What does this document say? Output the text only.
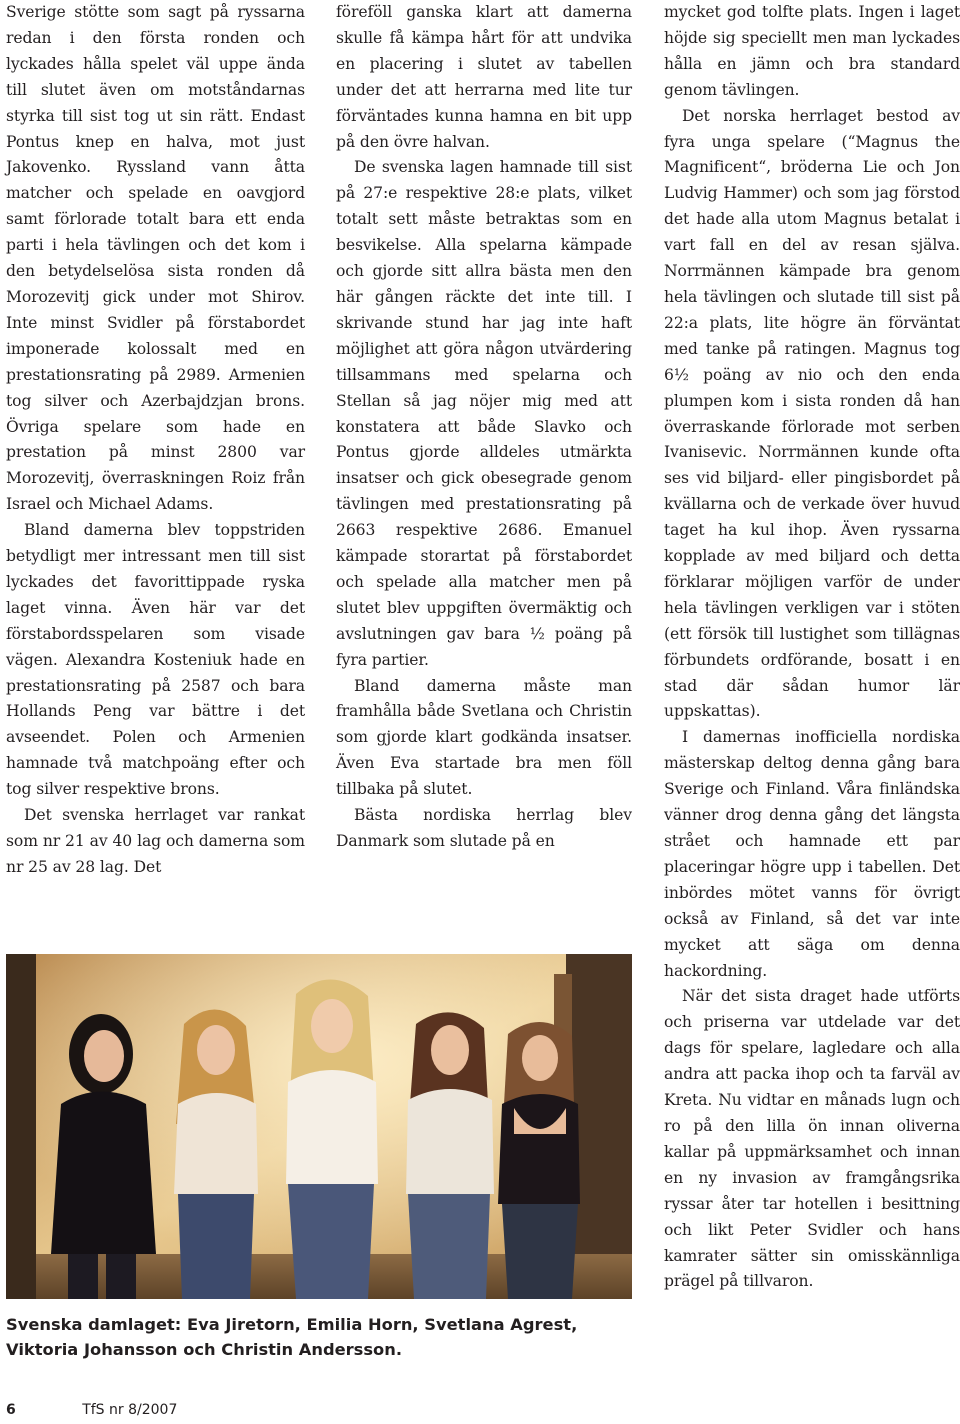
Sverige stötte som sagt på ryssarna redan i den första ronden och lyckades hålla spelet väl uppe ända till slutet även om motståndarnas styrka till sist tog ut sin rätt. Endast Pontus knep en halva, mot just Jakovenko. Ryssland vann åtta matcher och spelade en oavgjord samt förlorade totalt bara ett enda parti i hela tävlingen och det kom i den betydelselösa sista ronden då Morozevitj gick under mot Shirov. Inte minst Svidler på förstabordet imponerade kolossalt med en prestationsrating på 2989. Armenien tog silver och Azerbajdzjan brons. Övriga spelare som hade en prestation på minst 2800 var Morozevitj, överraskningen Roiz från Israel och Michael Adams.

Bland damerna blev toppstriden betydligt mer intressant men till sist lyckades det favorittippade ryska laget vinna. Även här var det förstabordsspelaren som visade vägen. Alexandra Kosteniuk hade en prestationsrating på 2587 och bara Hollands Peng var bättre i det avseendet. Polen och Armenien hamnade två matchpoäng efter och tog silver respektive brons.

Det svenska herrlaget var rankat som nr 21 av 40 lag och damerna som nr 25 av 28 lag. Det

föreföll ganska klart att damerna skulle få kämpa hårt för att undvika en placering i slutet av tabellen under det att herrarna med lite tur förväntades kunna hamna en bit upp på den övre halvan.

De svenska lagen hamnade till sist på 27:e respektive 28:e plats, vilket totalt sett måste betraktas som en besvikelse. Alla spelarna kämpade och gjorde sitt allra bästa men den här gången räckte det inte till. I skrivande stund har jag inte haft möjlighet att göra någon utvärdering tillsammans med spelarna och Stellan så jag nöjer mig med att konstatera att både Slavko och Pontus gjorde alldeles utmärkta insatser och gick obesegrade genom tävlingen med prestationsrating på 2663 respektive 2686. Emanuel kämpade storartat på förstabordet och spelade alla matcher men på slutet blev uppgiften övermäktig och avslutningen gav bara ½ poäng på fyra partier.

Bland damerna måste man framhålla både Svetlana och Christin som gjorde klart godkända insatser. Även Eva startade bra men föll tillbaka på slutet.

Bästa nordiska herrlag blev Danmark som slutade på en

mycket god tolfte plats. Ingen i laget höjde sig speciellt men man lyckades hålla en jämn och bra standard genom tävlingen.

Det norska herrlaget bestod av fyra unga spelare (“Magnus the Magnificent“, bröderna Lie och Jon Ludvig Hammer) och som jag förstod det hade alla utom Magnus betalat i vart fall en del av resan själva. Norrmännen kämpade bra genom hela tävlingen och slutade till sist på 22:a plats, lite högre än förväntat med tanke på ratingen. Magnus tog 6½ poäng av nio och den enda plumpen kom i sista ronden då han överraskande förlorade mot serben Ivanisevic. Norrmännen kunde ofta ses vid biljard- eller pingisbordet på kvällarna och de verkade över huvud taget ha kul ihop. Även ryssarna kopplade av med biljard och detta förklarar möjligen varför de under hela tävlingen verkligen var i stöten (ett försök till lustighet som tillägnas förbundets ordförande, bosatt i en stad där sådan humor lär uppskattas).

I damernas inofficiella nordiska mästerskap deltog denna gång bara Sverige och Finland. Våra finländska vänner drog denna gång det längsta strået och hamnade ett par placeringar högre upp i tabellen. Det inbördes mötet vanns för övrigt också av Finland, så det var inte mycket att säga om denna hackordning.

När det sista draget hade utförts och priserna var utdelade var det dags för spelare, lagledare och alla andra att packa ihop och ta farväl av Kreta. Nu vidtar en månads lugn och ro på den lilla ön innan oliverna kallar på uppmärksamhet och innan en ny invasion av framgångsrika ryssar åter tar hotellen i besittning och likt Peter Svidler och hans kamrater sätter sin omisskännliga prägel på tillvaron.

Svenska damlaget: Eva Jiretorn, Emilia Horn, Svetlana Agrest, Viktoria Johansson och Christin Andersson.
6	TfS nr 8/2007
